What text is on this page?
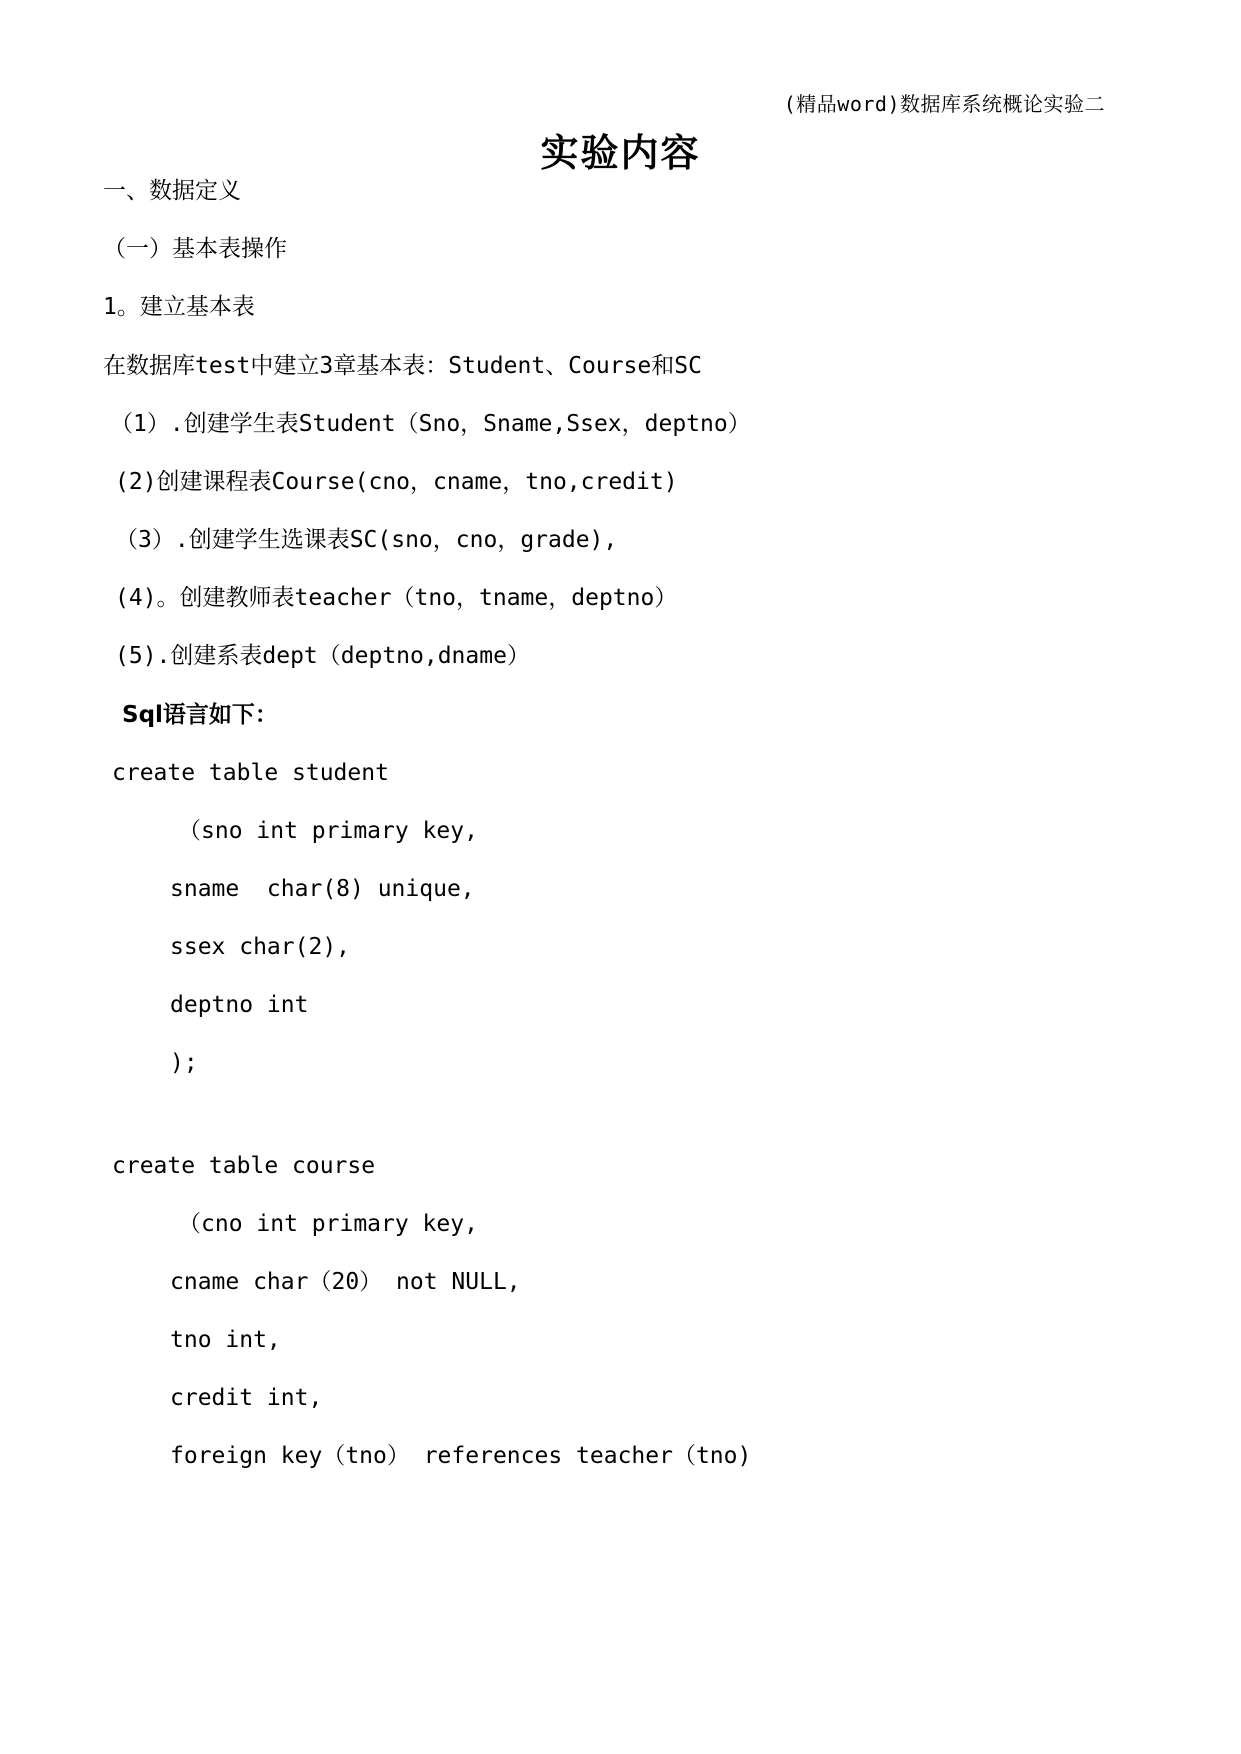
(精品word)数据库系统概论实验二
实验内容
一、数据定义
（一）基本表操作
1。建立基本表
在数据库test中建立3章基本表：Student、Course和SC
（1）.创建学生表Student（Sno，Sname,Ssex，deptno）
(2)创建课程表Course(cno，cname，tno,credit)
（3）.创建学生选课表SC(sno，cno，grade),
(4)。创建教师表teacher（tno，tname，deptno）
(5).创建系表dept（deptno,dname）
Sql语言如下：
create table student
（sno int primary key,
sname  char(8) unique,
ssex char(2),
deptno int
);
create table course
（cno int primary key,
cname char（20） not NULL,
tno int,
credit int,
foreign key（tno） references teacher（tno)
